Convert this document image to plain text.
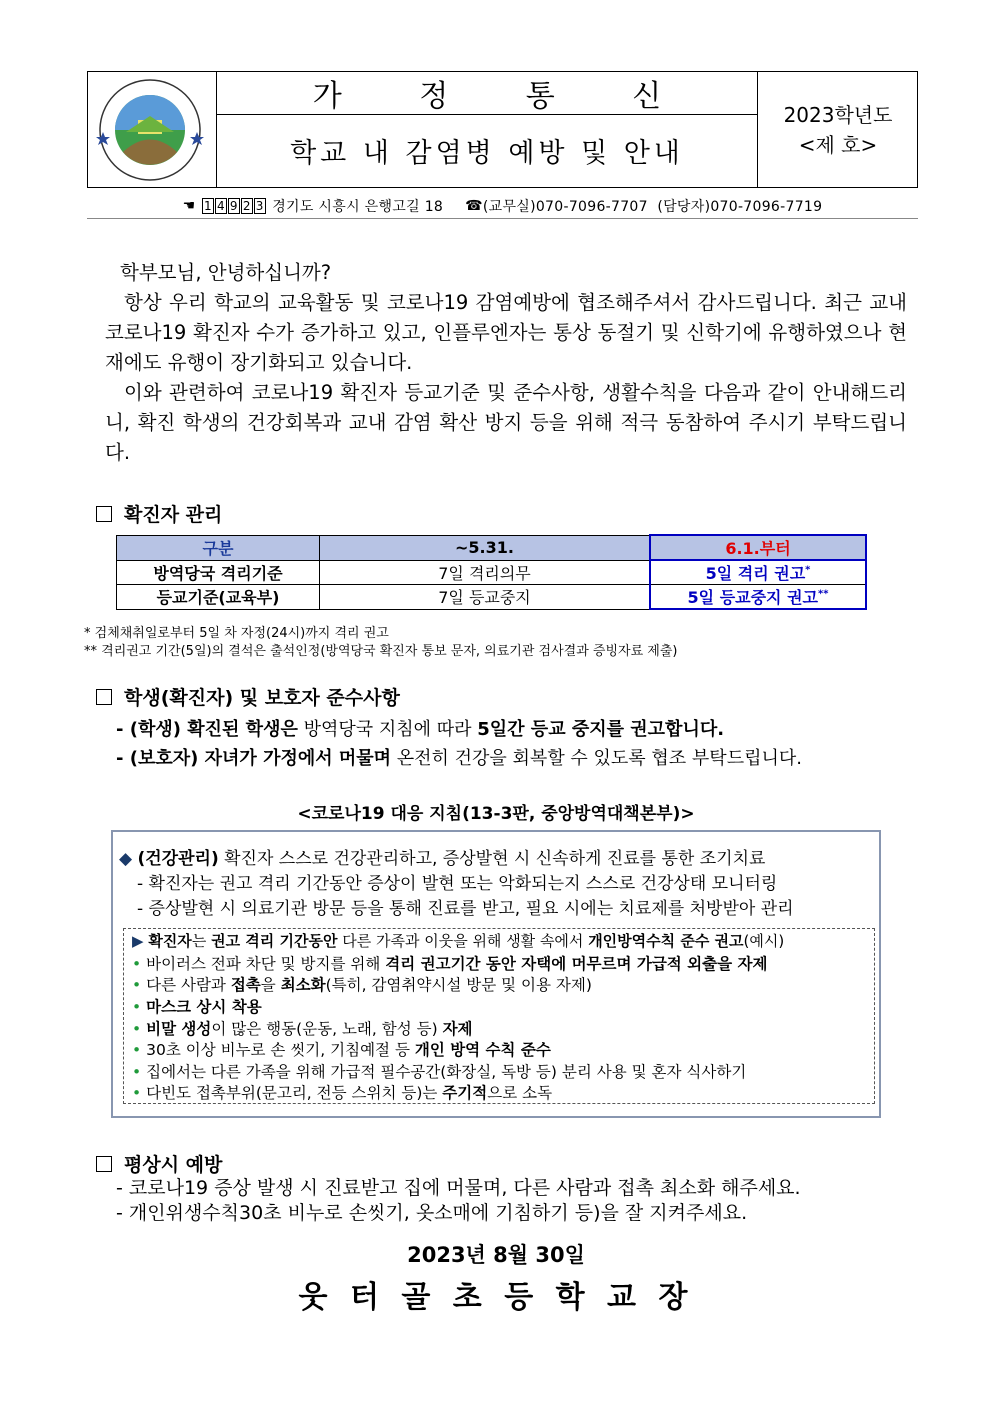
가 정 통 신
학교 내 감염병 예방 및 안내
2023학년도
<제 호>
☚ 1 4 9 2 3 경기도 시흥시 은행고길 18 ☎ (교무실)070-7096-7707  (담당자)070-7096-7719

학부모님, 안녕하십니까?

항상 우리 학교의 교육활동 및 코로나19 감염예방에 협조해주셔서 감사드립니다. 최근 교내 코로나19 확진자 수가 증가하고 있고, 인플루엔자는 통상 동절기 및 신학기에 유행하였으나 현재에도 유행이 장기화되고 있습니다.

이와 관련하여 코로나19 확진자 등교기준 및 준수사항, 생활수칙을 다음과 같이 안내해드리니, 확진 학생의 건강회복과 교내 감염 확산 방지 등을 위해 적극 동참하여 주시기 부탁드립니다.

확진자 관리
구분	~5.31.	6.1.부터
방역당국 격리기준	7일 격리의무	5일 격리 권고*
등교기준(교육부)	7일 등교중지	5일 등교중지 권고**
* 검체채취일로부터 5일 차 자정(24시)까지 격리 권고
** 격리권고 기간(5일)의 결석은 출석인정(방역당국 확진자 통보 문자, 의료기관 검사결과 증빙자료 제출)
학생(확진자) 및 보호자 준수사항
- (학생) 확진된 학생은 방역당국 지침에 따라 5일간 등교 중지를 권고합니다.
- (보호자) 자녀가 가정에서 머물며 온전히 건강을 회복할 수 있도록 협조 부탁드립니다.
<코로나19 대응 지침(13-3판, 중앙방역대책본부)>
◆ (건강관리) 확진자 스스로 건강관리하고, 증상발현 시 신속하게 진료를 통한 조기치료
- 확진자는 권고 격리 기간동안 증상이 발현 또는 악화되는지 스스로 건강상태 모니터링
- 증상발현 시 의료기관 방문 등을 통해 진료를 받고, 필요 시에는 치료제를 처방받아 관리
▶ 확진자는 권고 격리 기간동안 다른 가족과 이웃을 위해 생활 속에서 개인방역수칙 준수 권고(예시)
• 바이러스 전파 차단 및 방지를 위해 격리 권고기간 동안 자택에 머무르며 가급적 외출을 자제
• 다른 사람과 접촉을 최소화(특히, 감염취약시설 방문 및 이용 자제)
• 마스크 상시 착용
• 비말 생성이 많은 행동(운동, 노래, 함성 등) 자제
• 30초 이상 비누로 손 씻기, 기침예절 등 개인 방역 수칙 준수
• 집에서는 다른 가족을 위해 가급적 필수공간(화장실, 독방 등) 분리 사용 및 혼자 식사하기
• 다빈도 접촉부위(문고리, 전등 스위치 등)는 주기적으로 소독
평상시 예방
- 코로나19 증상 발생 시 진료받고 집에 머물며, 다른 사람과 접촉 최소화 해주세요.
- 개인위생수칙30초 비누로 손씻기, 옷소매에 기침하기 등)을 잘 지켜주세요.
2023년 8월 30일
웃 터 골 초 등 학 교 장
